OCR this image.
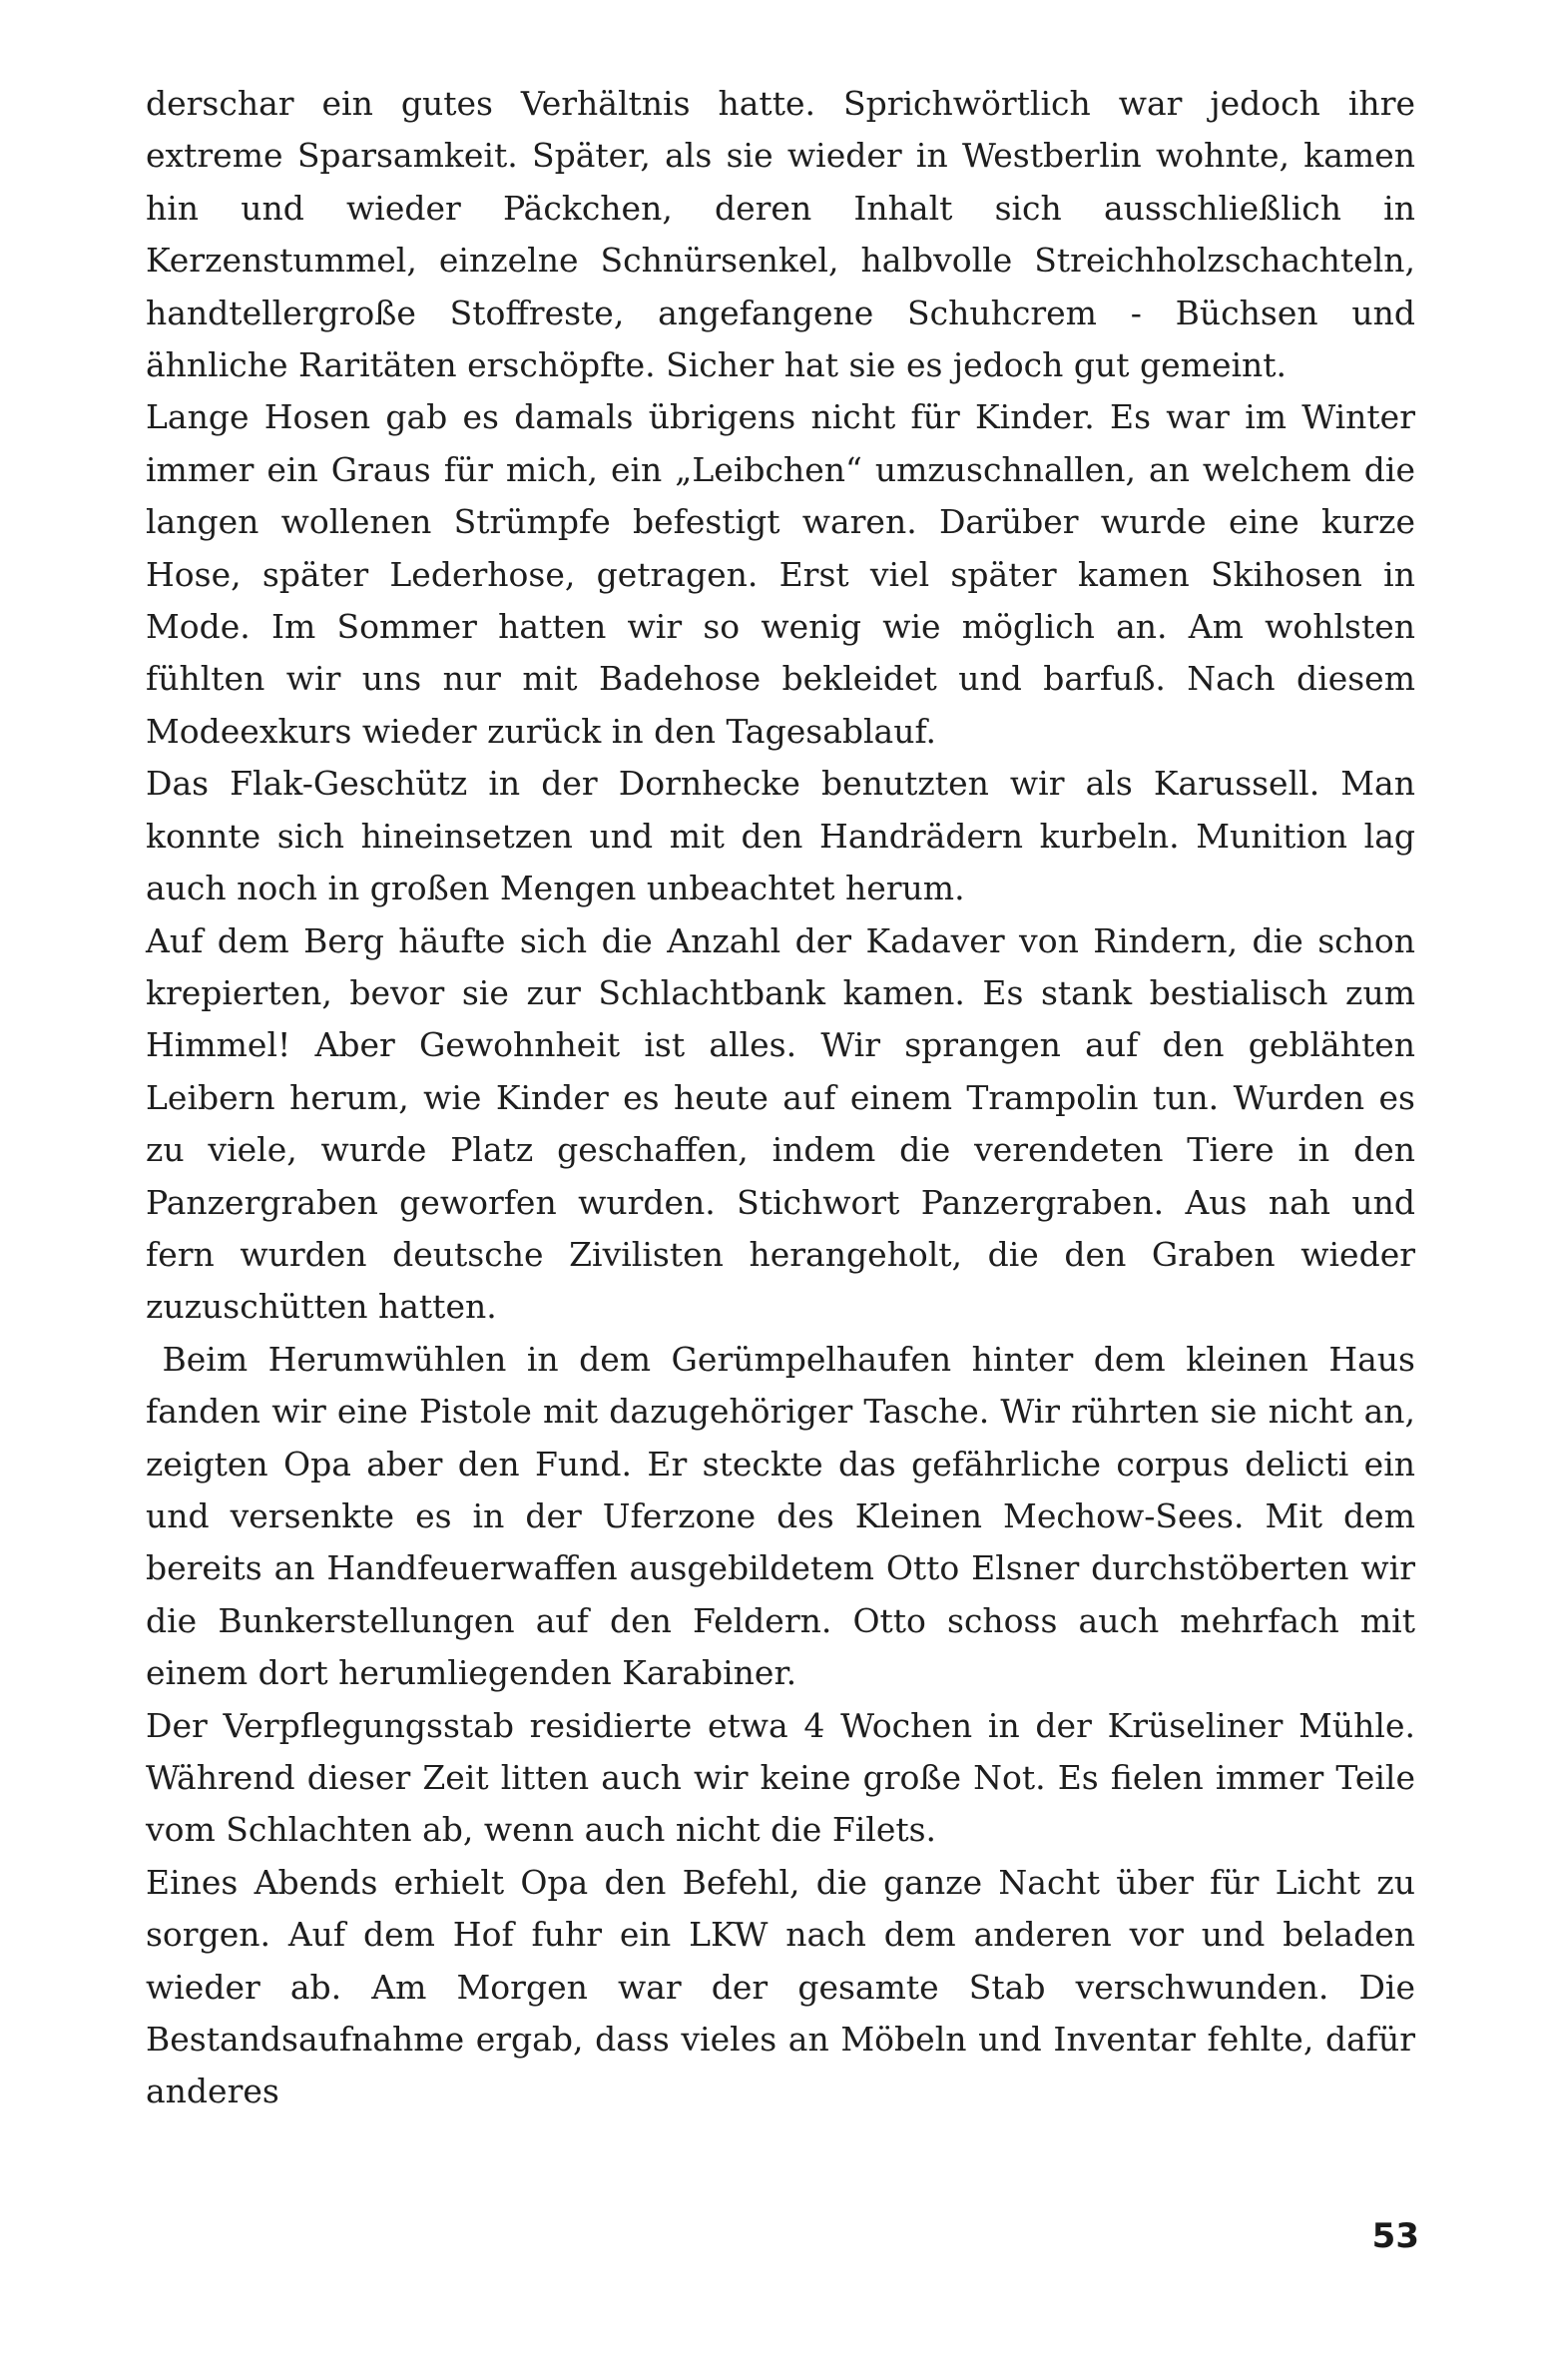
derschar ein gutes Verhältnis hatte. Sprichwörtlich war jedoch ihre extreme Sparsamkeit. Später, als sie wieder in Westberlin wohnte, kamen hin und wieder Päckchen, deren Inhalt sich ausschließlich in Kerzenstummel, einzelne Schnürsenkel, halbvolle Streichholzschachteln, handtellergroße Stoffreste, angefangene Schuhcrem - Büchsen und ähnliche Raritäten erschöpfte. Sicher hat sie es jedoch gut gemeint.

Lange Hosen gab es damals übrigens nicht für Kinder. Es war im Winter immer ein Graus für mich, ein „Leibchen“ umzuschnallen, an welchem die langen wollenen Strümpfe befestigt waren. Darüber wurde eine kurze Hose, später Lederhose, getragen. Erst viel später kamen Skihosen in Mode. Im Sommer hatten wir so wenig wie möglich an. Am wohlsten fühlten wir uns nur mit Badehose bekleidet und barfuß. Nach diesem Modeexkurs wieder zurück in den Tagesablauf.

Das Flak-Geschütz in der Dornhecke benutzten wir als Karussell. Man konnte sich hineinsetzen und mit den Handrädern kurbeln. Munition lag auch noch in großen Mengen unbeachtet herum.

Auf dem Berg häufte sich die Anzahl der Kadaver von Rindern, die schon krepierten, bevor sie zur Schlachtbank kamen. Es stank bestialisch zum Himmel! Aber Gewohnheit ist alles. Wir sprangen auf den geblähten Leibern herum, wie Kinder es heute auf einem Trampolin tun. Wurden es zu viele, wurde Platz geschaffen, indem die verendeten Tiere in den Panzergraben geworfen wurden. Stichwort Panzergraben. Aus nah und fern wurden deutsche Zivilisten herangeholt, die den Graben wieder zuzuschütten hatten.

Beim Herumwühlen in dem Gerümpelhaufen hinter dem kleinen Haus fanden wir eine Pistole mit dazugehöriger Tasche. Wir rührten sie nicht an, zeigten Opa aber den Fund. Er steckte das gefährliche corpus delicti ein und versenkte es in der Uferzone des Kleinen Mechow-Sees. Mit dem bereits an Handfeuerwaffen ausgebildetem Otto Elsner durchstöberten wir die Bunkerstellungen auf den Feldern. Otto schoss auch mehrfach mit einem dort herumliegenden Karabiner.

Der Verpflegungsstab residierte etwa 4 Wochen in der Krüseliner Mühle. Während dieser Zeit litten auch wir keine große Not. Es fielen immer Teile vom Schlachten ab, wenn auch nicht die Filets.

Eines Abends erhielt Opa den Befehl, die ganze Nacht über für Licht zu sorgen. Auf dem Hof fuhr ein LKW nach dem anderen vor und beladen wieder ab. Am Morgen war der gesamte Stab verschwunden. Die Bestandsaufnahme ergab, dass vieles an Möbeln und Inventar fehlte, dafür anderes

53
